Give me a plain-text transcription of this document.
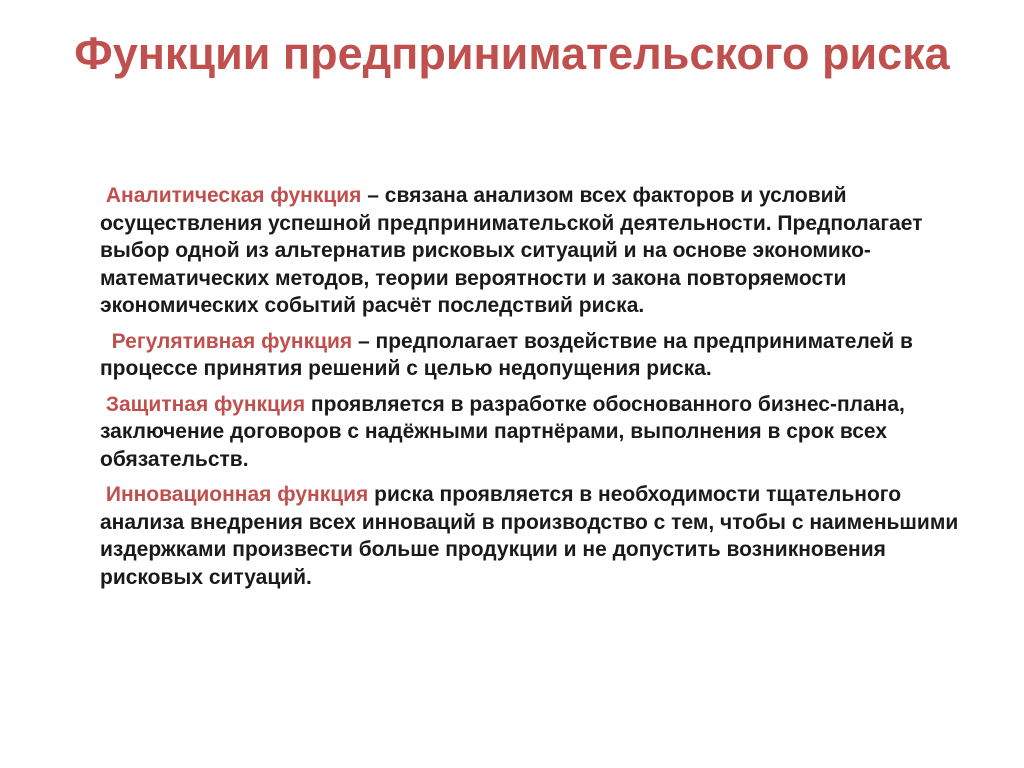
Функции предпринимательского риска

Аналитическая функция – связана анализом всех факторов и условий осуществления успешной предпринимательской деятельности. Предполагает выбор одной из альтернатив рисковых ситуаций и на основе экономико-математических методов, теории вероятности и закона повторяемости экономических событий расчёт последствий риска.

Регулятивная функция – предполагает воздействие на предпринимателей в процессе принятия решений с целью недопущения риска.

Защитная функция проявляется в разработке обоснованного бизнес-плана, заключение договоров с надёжными партнёрами, выполнения в срок всех обязательств.

Инновационная функция риска проявляется в необходимости тщательного анализа внедрения всех инноваций в производство с тем, чтобы с наименьшими издержками произвести больше продукции и не допустить возникновения рисковых ситуаций.
